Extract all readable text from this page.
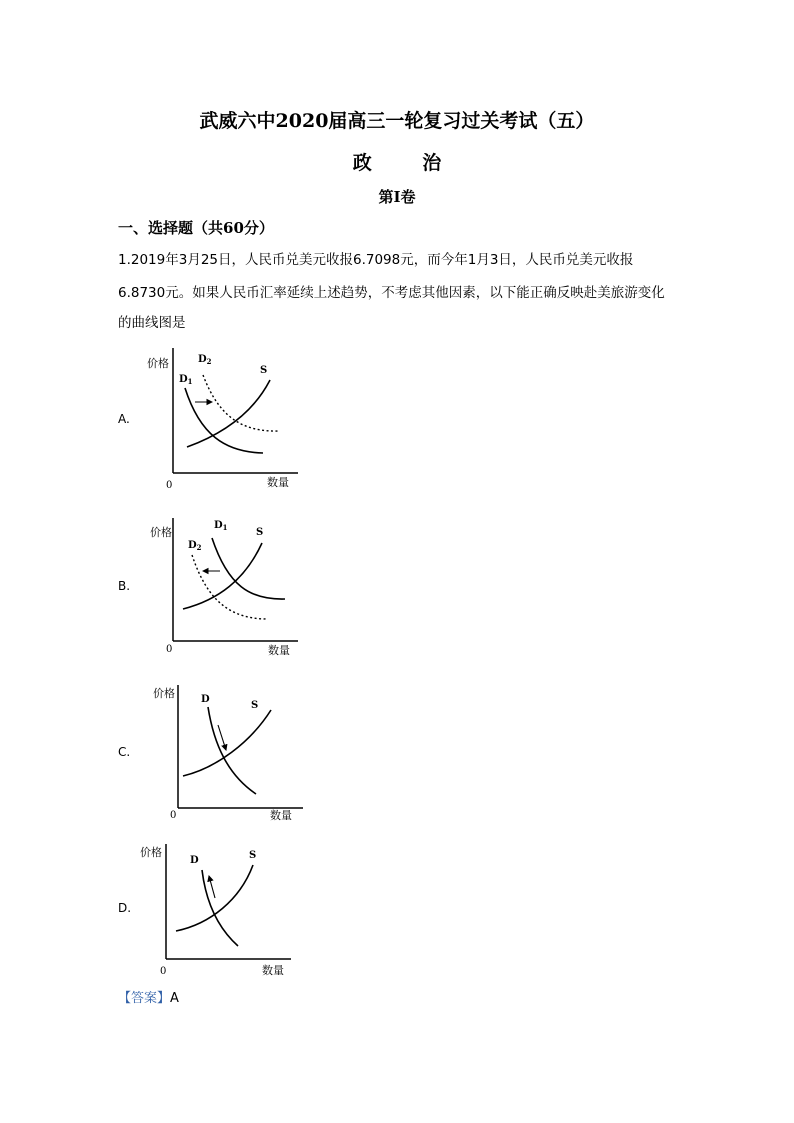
武威六中2020届高三一轮复习过关考试（五）
政 治
第Ⅰ卷
一、选择题（共60分）
1.2019年3月25日，人民币兑美元收报6.7098元，而今年1月3日，人民币兑美元收报
6.8730元。如果人民币汇率延续上述趋势，不考虑其他因素，以下能正确反映赴美旅游变化
的曲线图是
A.
价格
0	数量
$D_1$
$D_2$
S
B.
价格
0	数量
$D_1$
$D_2$
S
C.
价格
0	数量
D
S
D.
价格
0	数量
D	S
【答案】A
